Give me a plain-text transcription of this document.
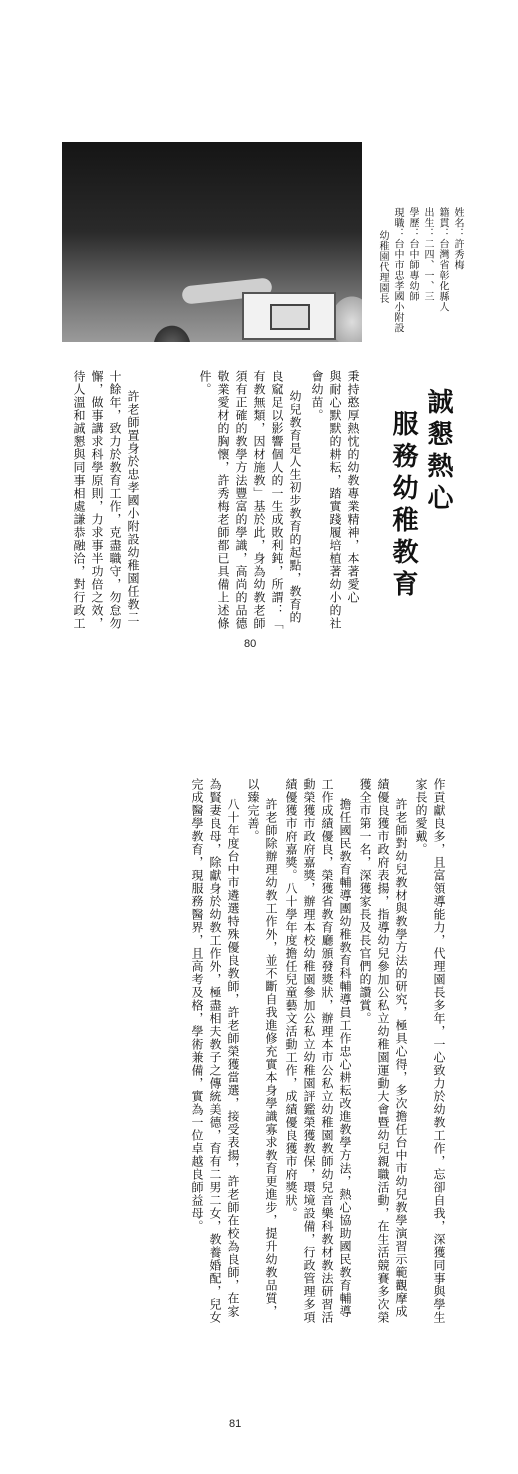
姓名：許秀梅
籍貫：台灣省彰化縣人
出生：二四、一、三
學歷：台中師專幼師
現職：台中市忠孝國小附設
幼稚園代理園長
誠懇熱心
服務幼稚教育
秉持憨厚熱忱的幼教專業精神，本著愛心
與耐心默默的耕耘，踏實踐履培植著幼小的社
會幼苗。
幼兒教育是人生初步教育的起點，教育的
良窳足以影響個人的一生成敗利鈍，所謂：「
有教無類，因材施教」基於此，身為幼教老師
須有正確的教學方法豐富的學識，高尚的品德
敬業愛材的胸懷，許秀梅老師都已具備上述條
件。
許老師置身於忠孝國小附設幼稚園任教二
十餘年，致力於教育工作，克盡職守，勿怠勿
懈，做事講求科學原則，力求事半功倍之效，
待人溫和誠懇與同事相處謙恭融洽，對行政工
80
作貢獻良多，且富領導能力，代理園長多年，一心致力於幼教工作，忘卻自我，深獲同事與學生
家長的愛戴。
許老師對幼兒教材與教學方法的研究，極具心得，多次擔任台中市幼兒教學演習示範觀摩成
績優良獲市政府表揚，指導幼兒參加公私立幼稚園運動大會暨幼兒親職活動，在生活競賽多次榮
獲全市第一名，深獲家長及長官們的讚賞。
擔任國民教育輔導團幼稚教育科輔導員工作忠心耕耘改進教學方法，熱心協助國民教育輔導
工作成績優良，榮獲省教育廳頒發獎狀，辦理本市公私立幼稚園教師幼兒音樂科教材教法研習活
動榮獲市政府嘉獎，辦理本校幼稚園參加公私立幼稚園評鑑榮獲教保，環境設備，行政管理多項
績優獲市府嘉獎。八十學年度擔任兒童藝文活動工作，成績優良獲市府獎狀。
許老師除辦理幼教工作外，並不斷自我進修充實本身學識寡求教育更進步，提升幼教品質，
以臻完善。
八十年度台中市遴選特殊優良教師，許老師榮獲當選，接受表揚，許老師在校為良師，在家
為賢妻良母，除獻身於幼教工作外，極盡相夫教子之傳統美德，育有二男二女，教養婚配，兒女
完成醫學教育，現服務醫界，且高考及格，學術兼備，實為一位卓越良師益母。
81
